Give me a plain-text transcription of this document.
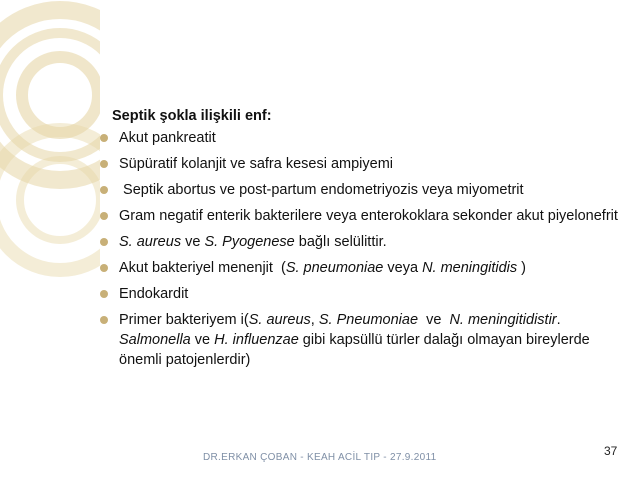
Septik şokla ilişkili enf:
Akut pankreatit
Süpüratif kolanjit ve safra kesesi ampiyemi
Septik abortus ve post-partum endometriyozis veya miyometrit
Gram negatif enterik bakterilere veya enterokoklara sekonder akut piyelonefrit
S. aureus ve S. Pyogenese bağlı selülittir.
Akut bakteriyel menenjit  (S. pneumoniae veya N. meningitidis )
Endokardit
Primer bakteriyem i(S. aureus, S. Pneumoniae  ve  N. meningitidistir. Salmonella ve H. influenzae gibi kapsüllü türler dalağı olmayan bireylerde önemli patojenlerdir)
DR.ERKAN ÇOBAN - KEAH ACİL TIP - 27.9.2011	37
